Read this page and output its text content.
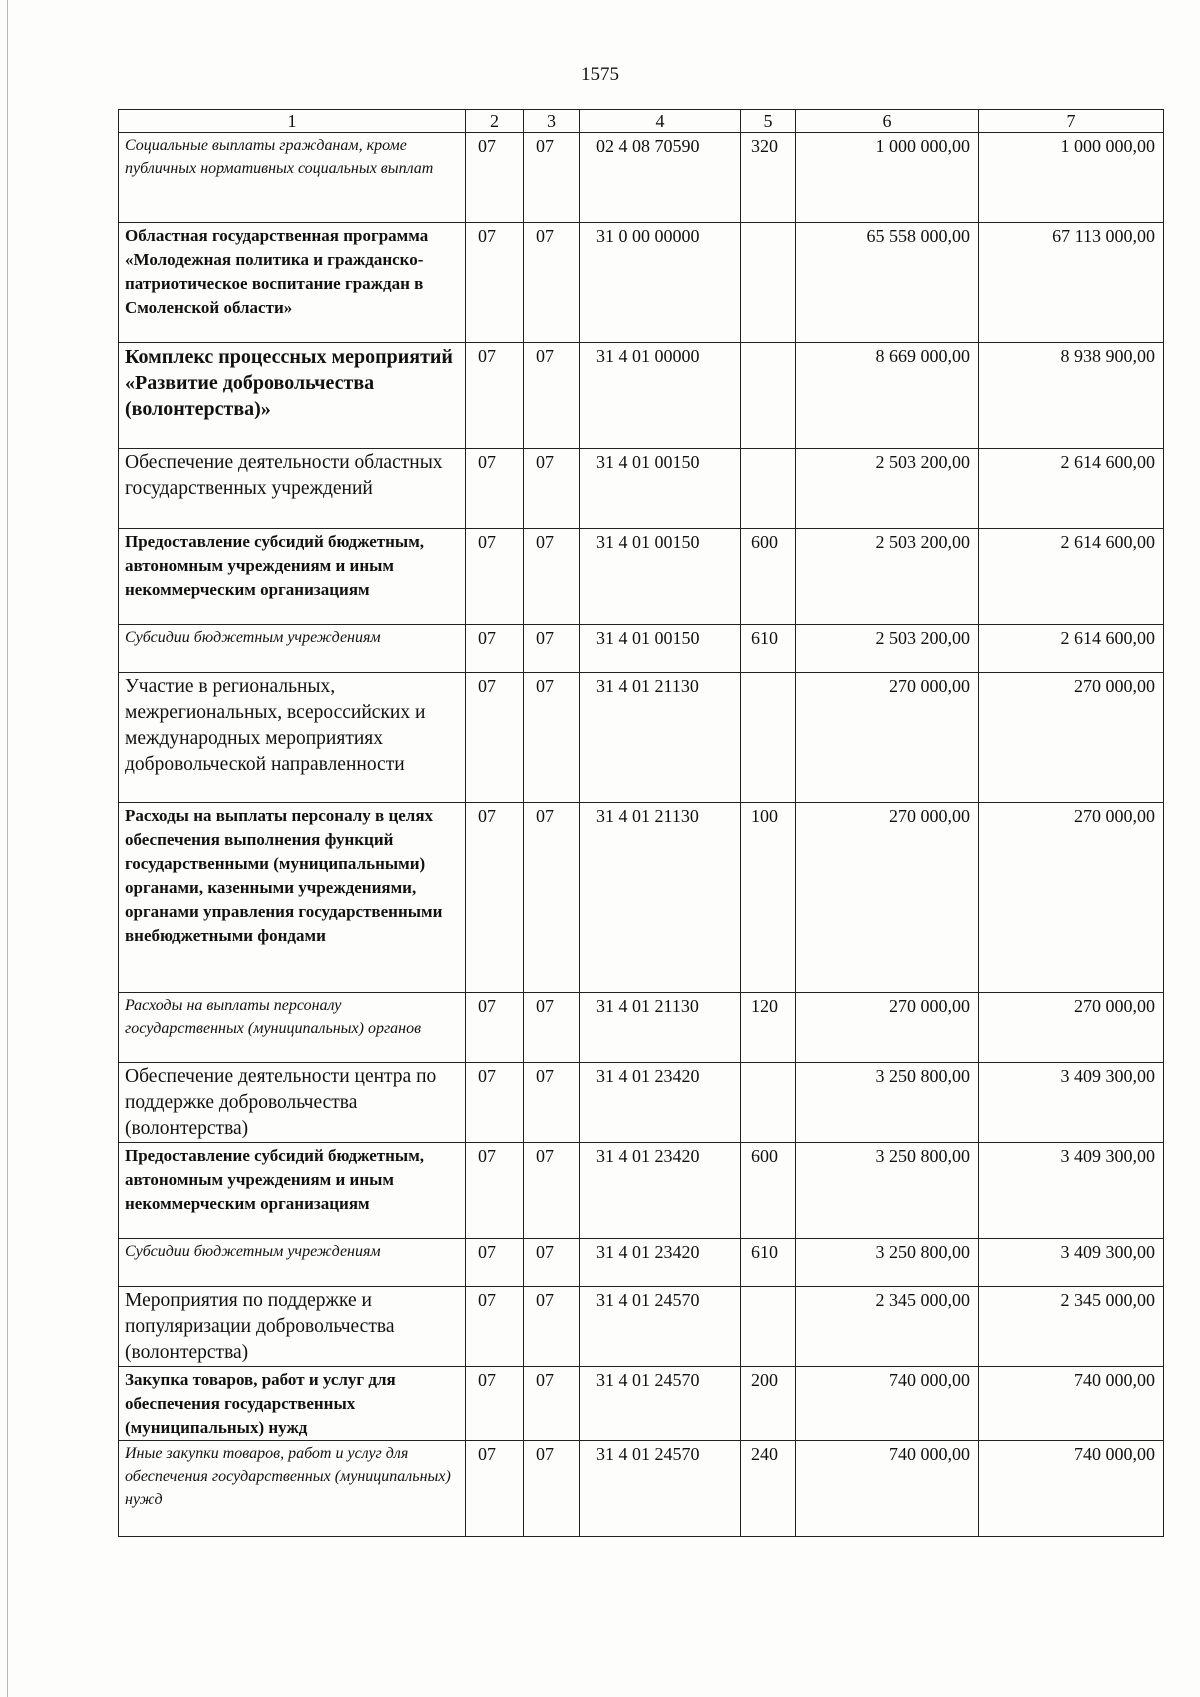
1575
1	2	3	4	5	6	7
Социальные выплаты гражданам, кроме публичных нормативных социальных выплат	07	07	02 4 08 70590	320	1 000 000,00	1 000 000,00
Областная государственная программа «Молодежная политика и гражданско-патриотическое воспитание граждан в Смоленской области»	07	07	31 0 00 00000		65 558 000,00	67 113 000,00
Комплекс процессных мероприятий «Развитие добровольчества (волонтерства)»	07	07	31 4 01 00000		8 669 000,00	8 938 900,00
Обеспечение деятельности областных государственных учреждений	07	07	31 4 01 00150		2 503 200,00	2 614 600,00
Предоставление субсидий бюджетным, автономным учреждениям и иным некоммерческим организациям	07	07	31 4 01 00150	600	2 503 200,00	2 614 600,00
Субсидии бюджетным учреждениям	07	07	31 4 01 00150	610	2 503 200,00	2 614 600,00
Участие в региональных, межрегиональных, всероссийских и международных мероприятиях добровольческой направленности	07	07	31 4 01 21130		270 000,00	270 000,00
Расходы на выплаты персоналу в целях обеспечения выполнения функций государственными (муниципальными) органами, казенными учреждениями, органами управления государственными внебюджетными фондами	07	07	31 4 01 21130	100	270 000,00	270 000,00
Расходы на выплаты персоналу государственных (муниципальных) органов	07	07	31 4 01 21130	120	270 000,00	270 000,00
Обеспечение деятельности центра по поддержке добровольчества (волонтерства)	07	07	31 4 01 23420		3 250 800,00	3 409 300,00
Предоставление субсидий бюджетным, автономным учреждениям и иным некоммерческим организациям	07	07	31 4 01 23420	600	3 250 800,00	3 409 300,00
Субсидии бюджетным учреждениям	07	07	31 4 01 23420	610	3 250 800,00	3 409 300,00
Мероприятия по поддержке и популяризации добровольчества (волонтерства)	07	07	31 4 01 24570		2 345 000,00	2 345 000,00
Закупка товаров, работ и услуг для обеспечения государственных (муниципальных) нужд	07	07	31 4 01 24570	200	740 000,00	740 000,00
Иные закупки товаров, работ и услуг для обеспечения государственных (муниципальных) нужд	07	07	31 4 01 24570	240	740 000,00	740 000,00
